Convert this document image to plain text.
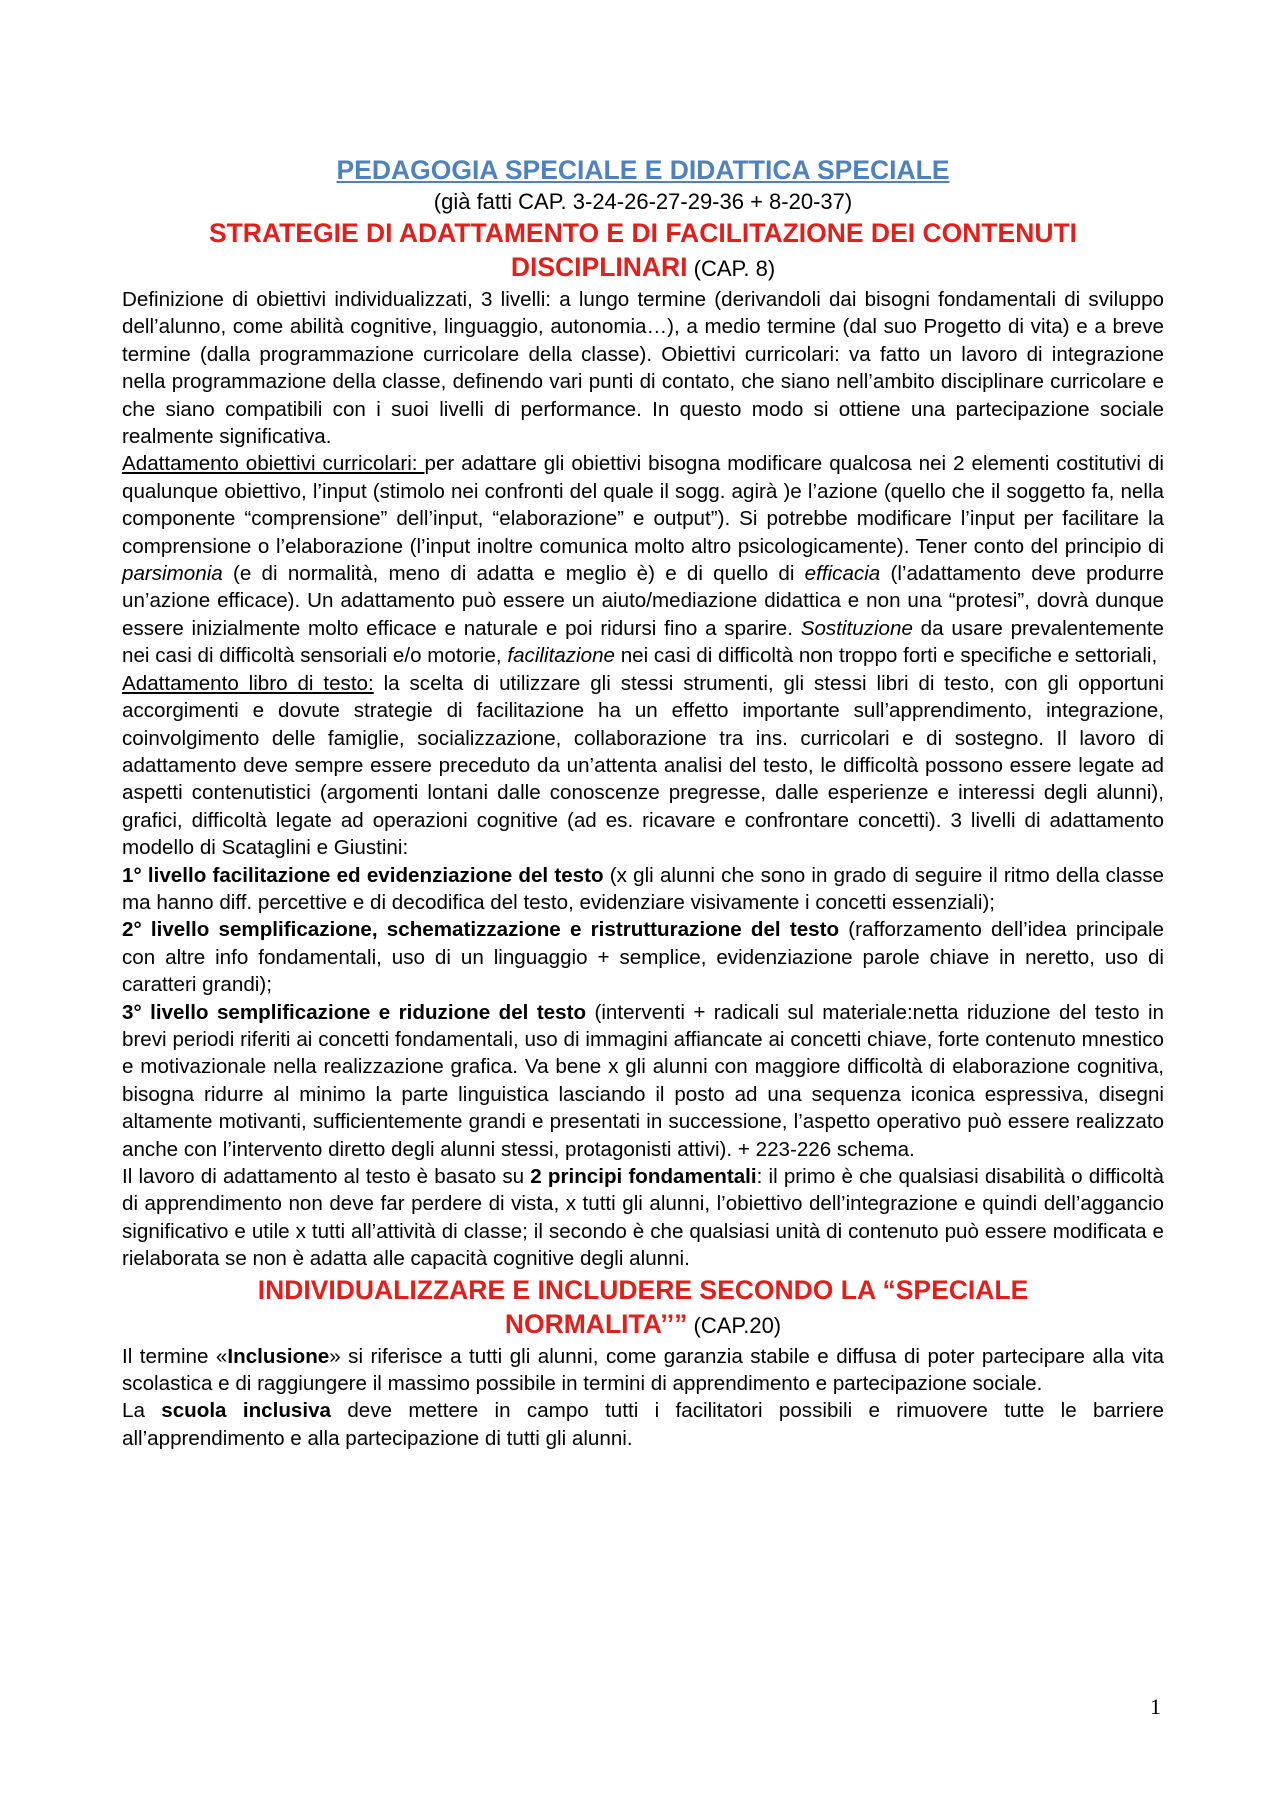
PEDAGOGIA SPECIALE E DIDATTICA SPECIALE
(già fatti CAP. 3-24-26-27-29-36 + 8-20-37)
STRATEGIE DI ADATTAMENTO E DI FACILITAZIONE DEI CONTENUTI
DISCIPLINARI (CAP. 8)

Definizione di obiettivi individualizzati, 3 livelli: a lungo termine (derivandoli dai bisogni fondamentali di sviluppo dell’alunno, come abilità cognitive, linguaggio, autonomia…), a medio termine (dal suo Progetto di vita) e a breve termine (dalla programmazione curricolare della classe). Obiettivi curricolari: va fatto un lavoro di integrazione nella programmazione della classe, definendo vari punti di contato, che siano nell’ambito disciplinare curricolare e che siano compatibili con i suoi livelli di performance. In questo modo si ottiene una partecipazione sociale realmente significativa.

Adattamento obiettivi curricolari: per adattare gli obiettivi bisogna modificare qualcosa nei 2 elementi costitutivi di qualunque obiettivo, l’input (stimolo nei confronti del quale il sogg. agirà )e l’azione (quello che il soggetto fa, nella componente “comprensione” dell’input, “elaborazione” e output”). Si potrebbe modificare l’input per facilitare la comprensione o l’elaborazione (l’input inoltre comunica molto altro psicologicamente). Tener conto del principio di parsimonia (e di normalità, meno di adatta e meglio è) e di quello di efficacia (l’adattamento deve produrre un’azione efficace). Un adattamento può essere un aiuto/mediazione didattica e non una “protesi”, dovrà dunque essere inizialmente molto efficace e naturale e poi ridursi fino a sparire. Sostituzione da usare prevalentemente nei casi di difficoltà sensoriali e/o motorie, facilitazione nei casi di difficoltà non troppo forti e specifiche e settoriali,

Adattamento libro di testo: la scelta di utilizzare gli stessi strumenti, gli stessi libri di testo, con gli opportuni accorgimenti e dovute strategie di facilitazione ha un effetto importante sull’apprendimento, integrazione, coinvolgimento delle famiglie, socializzazione, collaborazione tra ins. curricolari e di sostegno. Il lavoro di adattamento deve sempre essere preceduto da un’attenta analisi del testo, le difficoltà possono essere legate ad aspetti contenutistici (argomenti lontani dalle conoscenze pregresse, dalle esperienze e interessi degli alunni), grafici, difficoltà legate ad operazioni cognitive (ad es. ricavare e confrontare concetti). 3 livelli di adattamento modello di Scataglini e Giustini:

1° livello facilitazione ed evidenziazione del testo (x gli alunni che sono in grado di seguire il ritmo della classe ma hanno diff. percettive e di decodifica del testo, evidenziare visivamente i concetti essenziali);

2° livello semplificazione, schematizzazione e ristrutturazione del testo (rafforzamento dell’idea principale con altre info fondamentali, uso di un linguaggio + semplice, evidenziazione parole chiave in neretto, uso di caratteri grandi);

3° livello semplificazione e riduzione del testo (interventi + radicali sul materiale:netta riduzione del testo in brevi periodi riferiti ai concetti fondamentali, uso di immagini affiancate ai concetti chiave, forte contenuto mnestico e motivazionale nella realizzazione grafica. Va bene x gli alunni con maggiore difficoltà di elaborazione cognitiva, bisogna ridurre al minimo la parte linguistica lasciando il posto ad una sequenza iconica espressiva, disegni altamente motivanti, sufficientemente grandi e presentati in successione, l’aspetto operativo può essere realizzato anche con l’intervento diretto degli alunni stessi, protagonisti attivi). + 223-226 schema.

Il lavoro di adattamento al testo è basato su 2 principi fondamentali: il primo è che qualsiasi disabilità o difficoltà di apprendimento non deve far perdere di vista, x tutti gli alunni, l’obiettivo dell’integrazione e quindi dell’aggancio significativo e utile x tutti all’attività di classe; il secondo è che qualsiasi unità di contenuto può essere modificata e rielaborata se non è adatta alle capacità cognitive degli alunni.

INDIVIDUALIZZARE E INCLUDERE SECONDO LA “SPECIALE
NORMALITA’’” (CAP.20)

Il termine «Inclusione» si riferisce a tutti gli alunni, come garanzia stabile e diffusa di poter partecipare alla vita scolastica e di raggiungere il massimo possibile in termini di apprendimento e partecipazione sociale.

La scuola inclusiva deve mettere in campo tutti i facilitatori possibili e rimuovere tutte le barriere all’apprendimento e alla partecipazione di tutti gli alunni.

1
